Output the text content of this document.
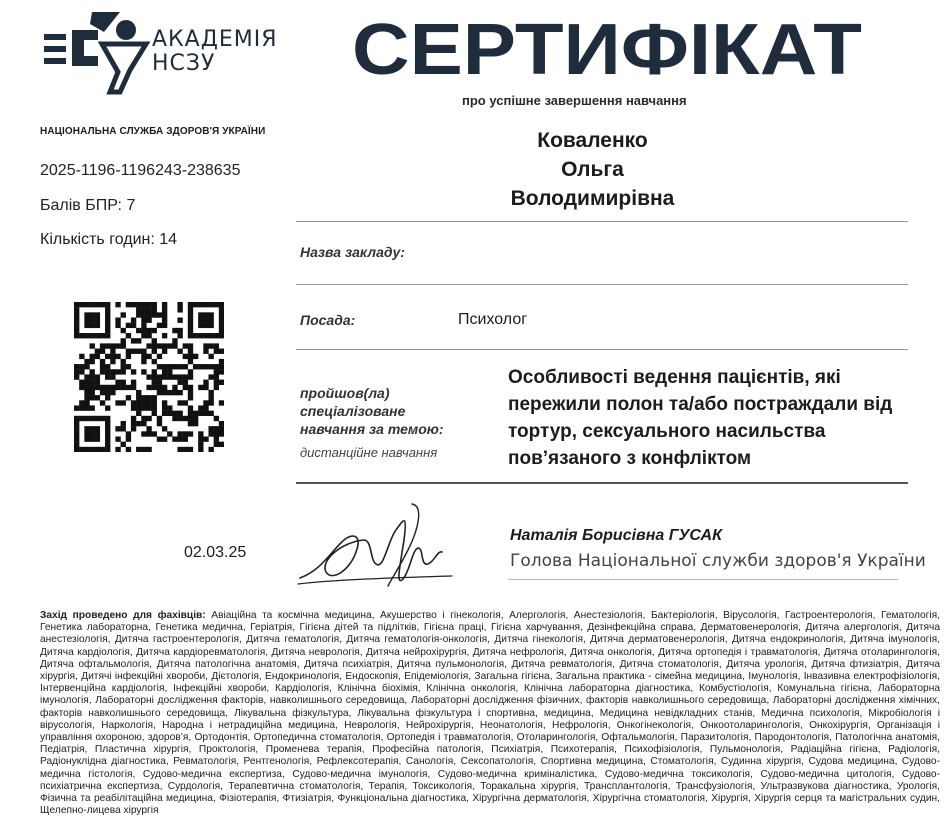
АКАДЕМІЯ
НСЗУ	СЕРТИФІКАТ
про успішне завершення навчання
НАЦІОНАЛЬНА СЛУЖБА ЗДОРОВ'Я УКРАЇНИ
2025-1196-1196243-238635
Балів БПР: 7
Кількість годин: 14
02.03.25
Коваленко
Ольга
Володимирівна
Назва закладу:
Посада:	Психолог
пройшов(ла)
спеціалізоване
навчання за темою:
дистанційне навчання
Особливості ведення пацієнтів, які пережили полон та/або постраждали від тортур, сексуального насильства пов’язаного з конфліктом
Наталія Борисівна ГУСАК
Голова Національної служби здоров'я України
Захід проведено для фахівців: Авіаційна та космічна медицина, Акушерство і гінекологія, Алергологія, Анестезіологія, Бактеріологія, Вірусологія, Гастроентерологія, Гематологія, Генетика лабораторна, Генетика медична, Геріатрія, Гігієна дітей та підлітків, Гігієна праці, Гігієна харчування, Дезінфекційна справа, Дерматовенерологія, Дитяча алергологія, Дитяча анестезіологія, Дитяча гастроентерологія, Дитяча гематологія, Дитяча гематологія-онкологія, Дитяча гінекологія, Дитяча дерматовенерологія, Дитяча ендокринологія, Дитяча імунологія, Дитяча кардіологія, Дитяча кардіоревматологія, Дитяча неврологія, Дитяча нейрохірургія, Дитяча нефрологія, Дитяча онкологія, Дитяча ортопедія і травматологія, Дитяча отоларингологія, Дитяча офтальмологія, Дитяча патологічна анатомія, Дитяча психіатрія, Дитяча пульмонологія, Дитяча ревматологія, Дитяча стоматологія, Дитяча урологія, Дитяча фтизіатрія, Дитяча хірургія, Дитячі інфекційні хвороби, Дієтологія, Ендокринологія, Ендоскопія, Епідеміологія, Загальна гігієна, Загальна практика - сімейна медицина, Імунологія, Інвазивна електрофізіологія, Інтервенційна кардіологія, Інфекційні хвороби, Кардіологія, Клінічна біохімія, Клінічна онкологія, Клінічна лабораторна діагностика, Комбустіологія, Комунальна гігієна, Лабораторна імунологія, Лабораторні дослідження факторів, навколишнього середовища, Лабораторні дослідження фізичних, факторів навколишнього середовища, Лабораторні дослідження хімічних, факторів навколишнього середовища, Лікувальна фізкультура, Лікувальна фізкультура і спортивна, медицина, Медицина невідкладних станів, Медична психологія, Мікробіологія і вірусологія, Наркологія, Народна і нетрадиційна медицина, Неврологія, Нейрохірургія, Неонатологія, Нефрологія, Онкогінекологія, Онкоотоларингологія, Онкохірургія, Організація і управління охороною, здоров’я, Ортодонтія, Ортопедична стоматологія, Ортопедія і травматологія, Отоларингологія, Офтальмологія, Паразитологія, Пародонтологія, Патологічна анатомія, Педіатрія, Пластична хірургія, Проктологія, Променева терапія, Професійна патологія, Психіатрія, Психотерапія, Психофізіологія, Пульмонологія, Радіаційна гігієна, Радіологія, Радіонуклідна діагностика, Ревматологія, Рентгенологія, Рефлексотерапія, Санологія, Сексопатологія, Спортивна медицина, Стоматологія, Судинна хірургія, Судова медицина, Судово-медична гістологія, Судово-медична експертиза, Судово-медична імунологія, Судово-медична криміналістика, Судово-медична токсикологія, Судово-медична цитологія, Судово-психіатрична експертиза, Сурдологія, Терапевтична стоматологія, Терапія, Токсикологія, Торакальна хірургія, Трансплантологія, Трансфузіологія, Ультразвукова діагностика, Урологія, Фізична та реабілітаційна медицина, Фізіотерапія, Фтизіатрія, Функціональна діагностика, Хірургічна дерматологія, Хірургічна стоматологія, Хірургія, Хірургія серця та магістральних судин, Щелепно-лицева хірургія
